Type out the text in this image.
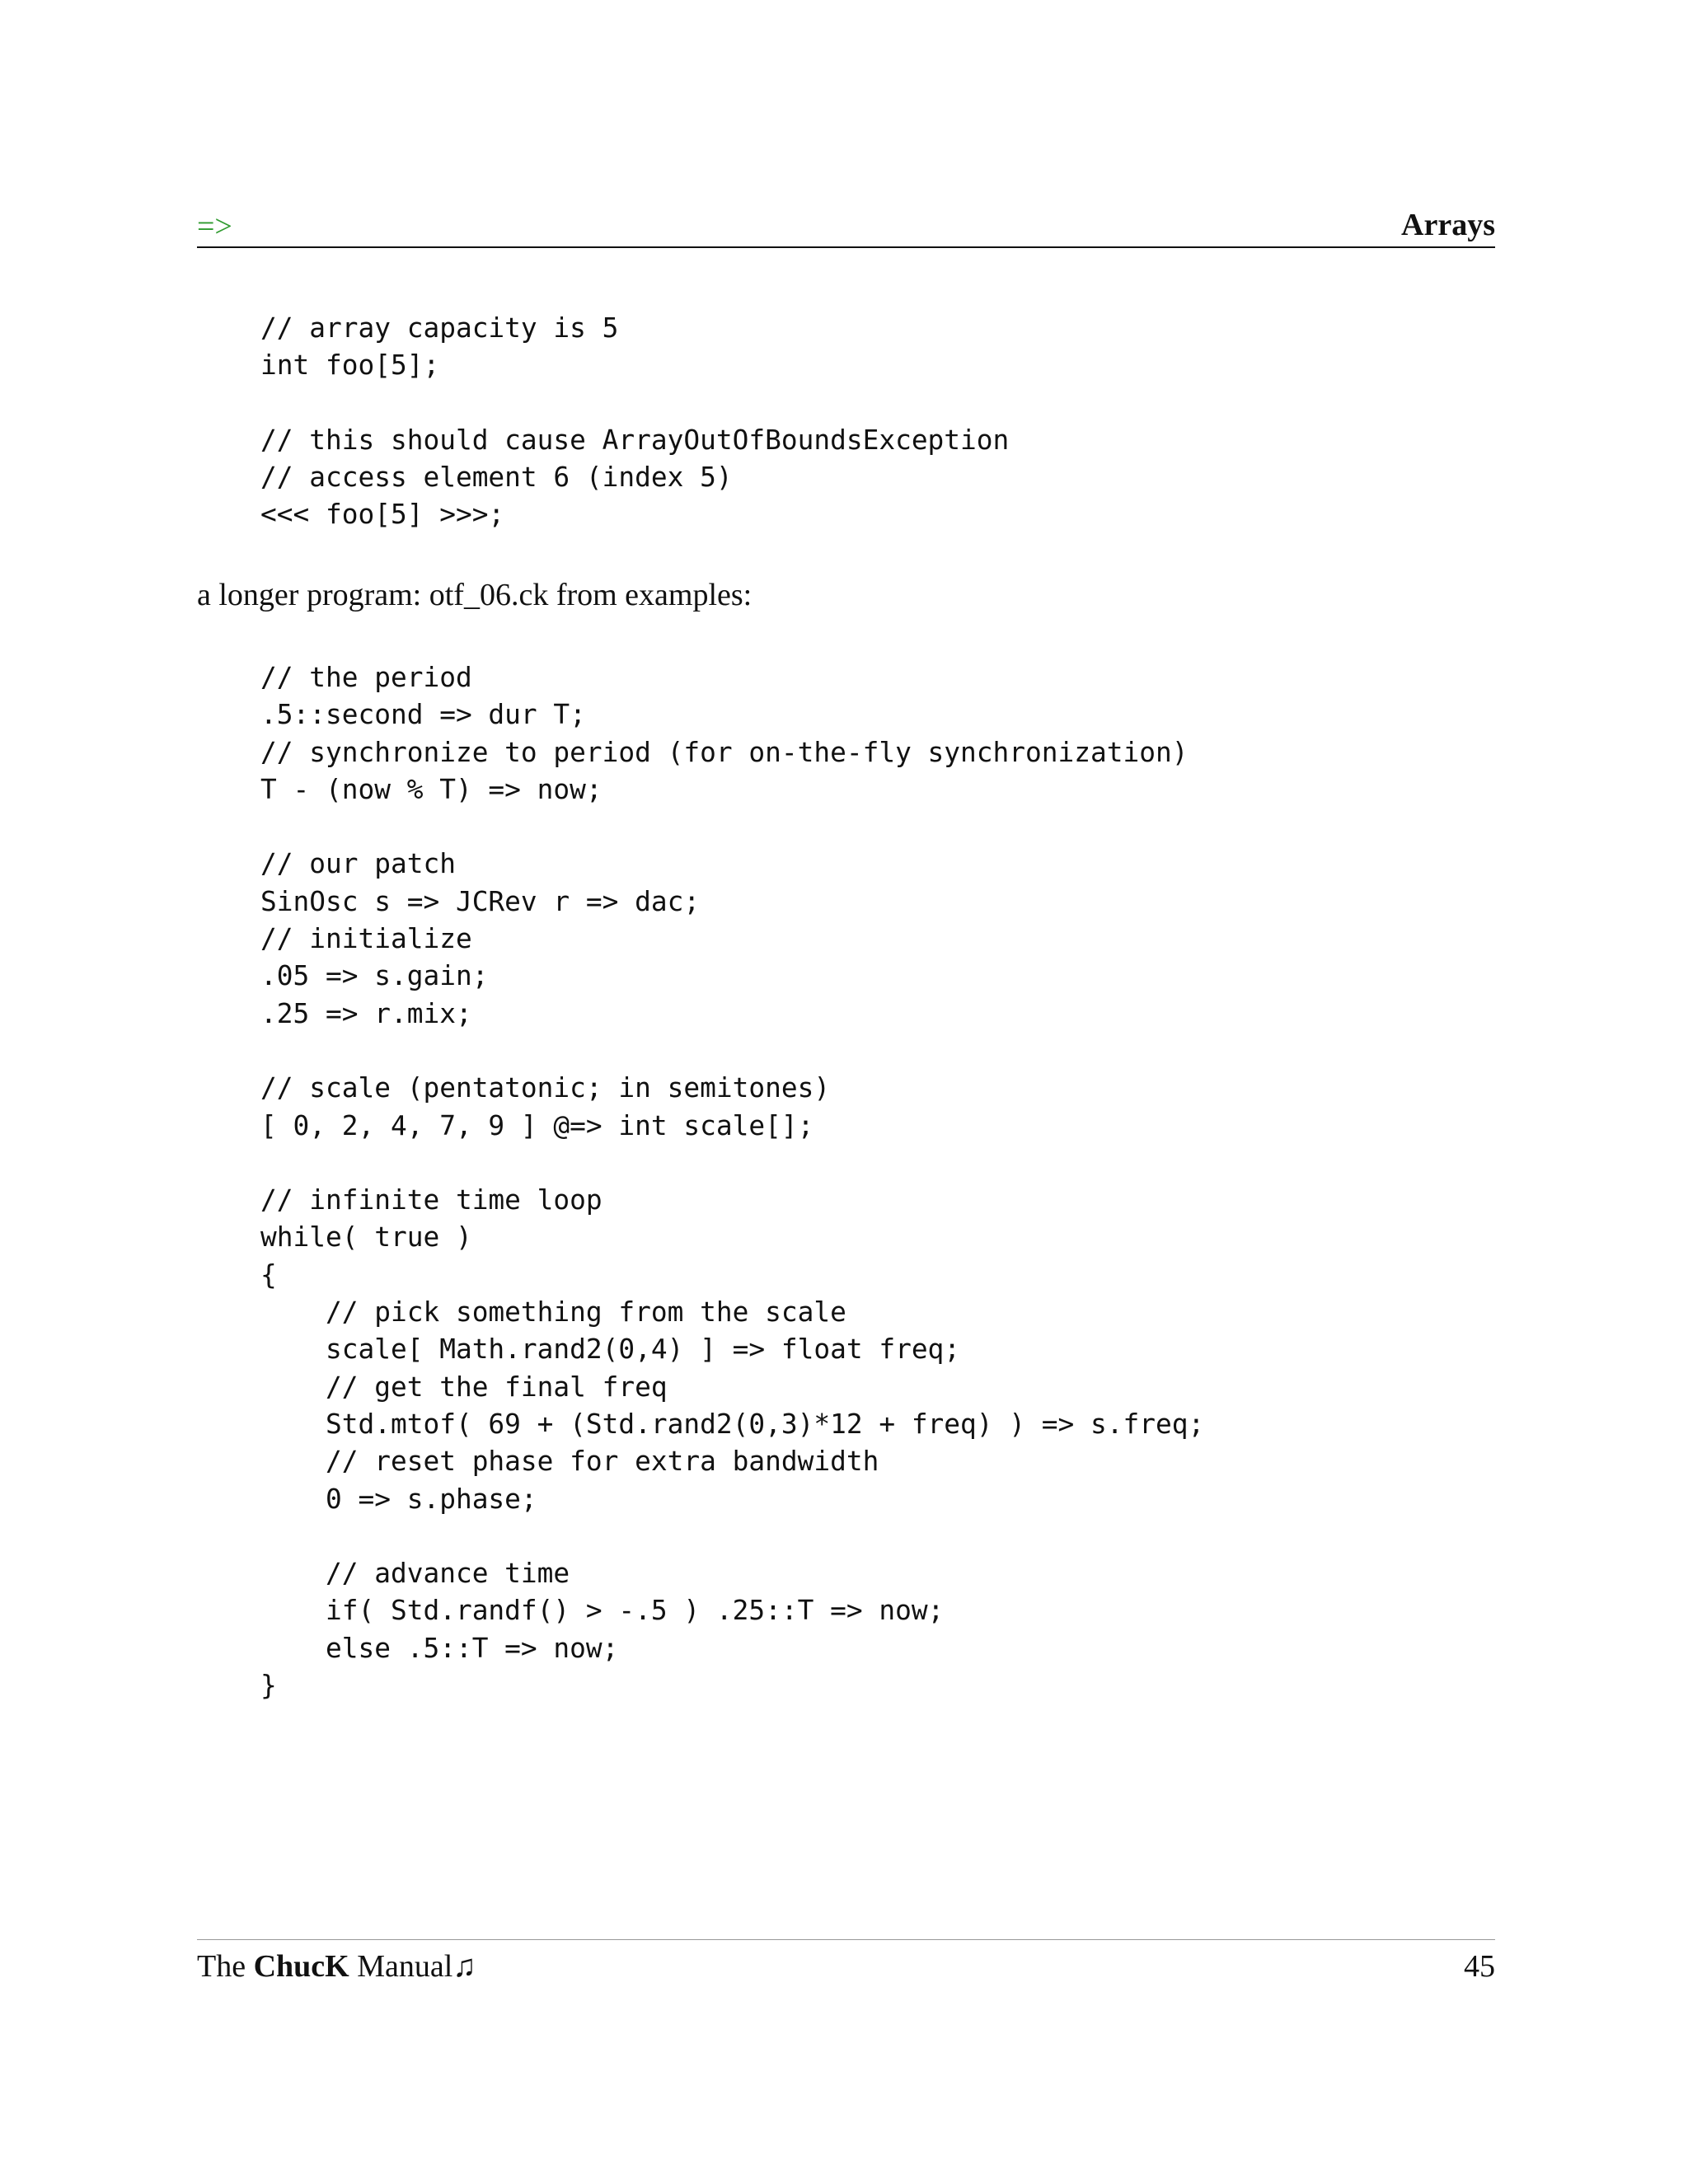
=>	Arrays
// array capacity is 5
int foo[5];
// this should cause ArrayOutOfBoundsException
// access element 6 (index 5)
<<< foo[5] >>>;
a longer program: otf_06.ck from examples:
// the period
.5::second => dur T;
// synchronize to period (for on-the-fly synchronization)
T - (now % T) => now;
// our patch
SinOsc s => JCRev r => dac;
// initialize
.05 => s.gain;
.25 => r.mix;
// scale (pentatonic; in semitones)
[ 0, 2, 4, 7, 9 ] @=> int scale[];
// infinite time loop
while( true )
{
// pick something from the scale
scale[ Math.rand2(0,4) ] => float freq;
// get the final freq
Std.mtof( 69 + (Std.rand2(0,3)*12 + freq) ) => s.freq;
// reset phase for extra bandwidth
0 => s.phase;
// advance time
if( Std.randf() > -.5 ) .25::T => now;
else .5::T => now;
}
The ChucK Manual♫	45
